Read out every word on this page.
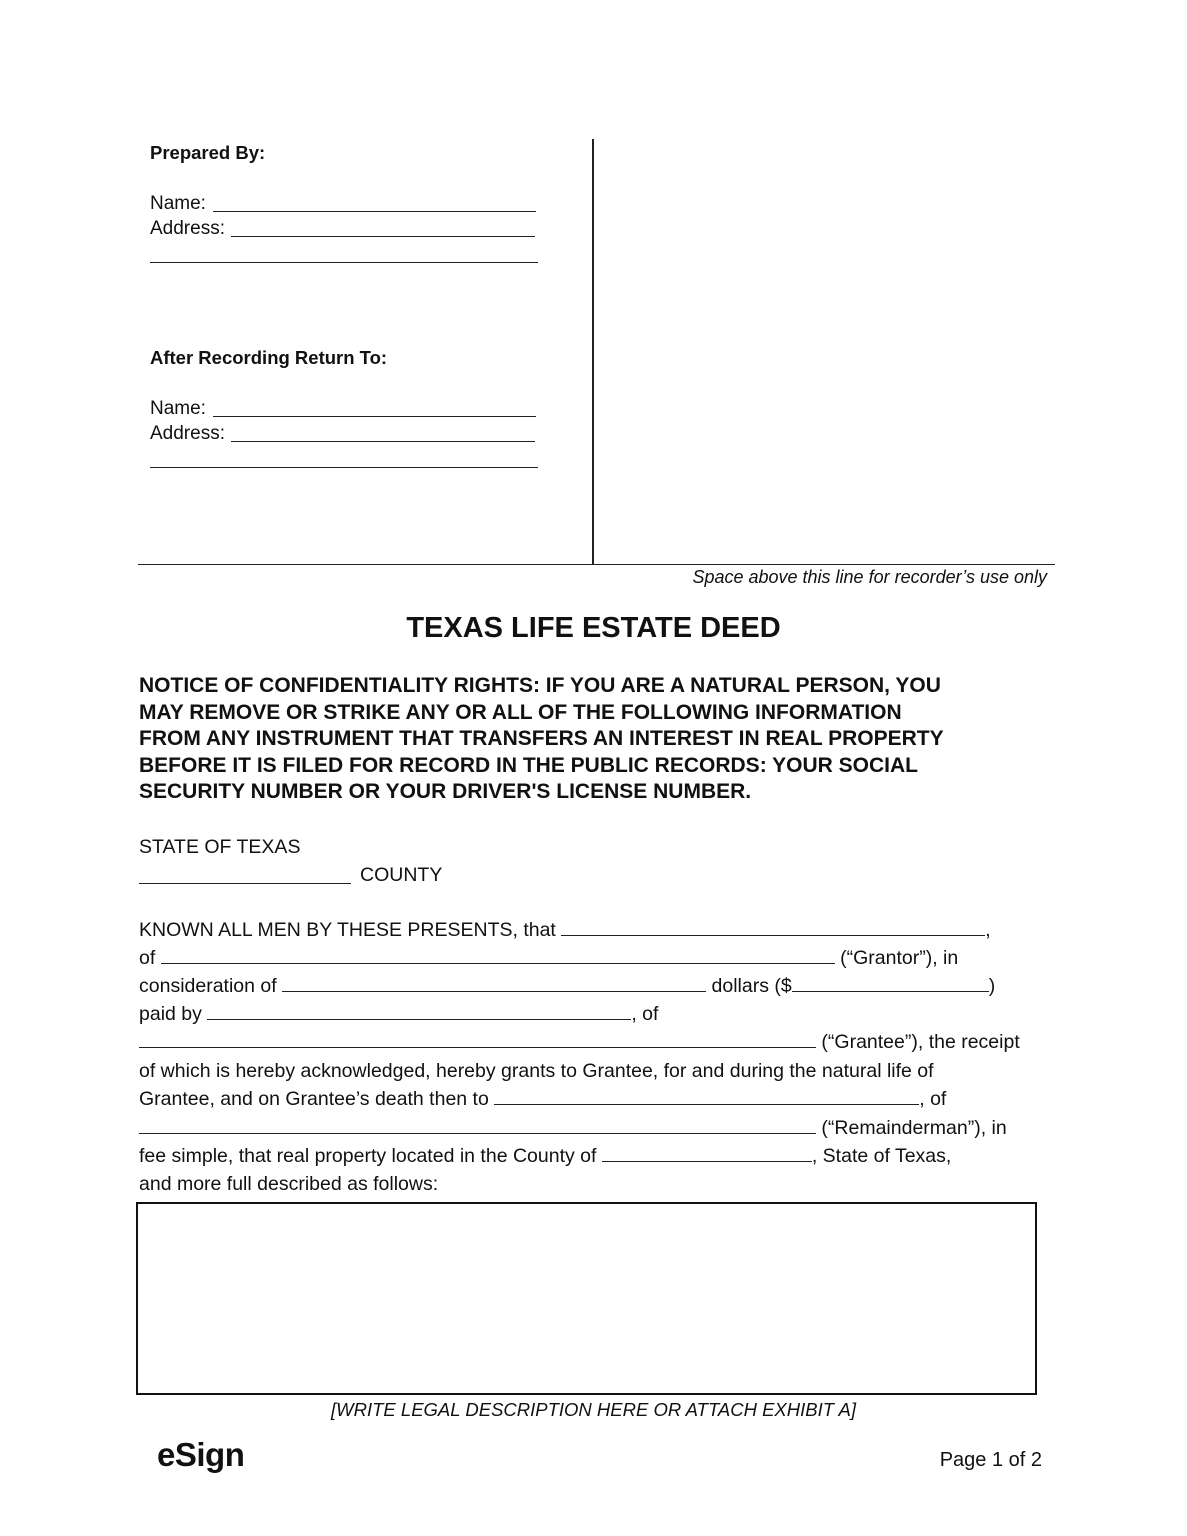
Prepared By:
Name:
Address:
After Recording Return To:
Name:
Address:
Space above this line for recorder’s use only
TEXAS LIFE ESTATE DEED

NOTICE OF CONFIDENTIALITY RIGHTS: IF YOU ARE A NATURAL PERSON, YOU

MAY REMOVE OR STRIKE ANY OR ALL OF THE FOLLOWING INFORMATION

FROM ANY INSTRUMENT THAT TRANSFERS AN INTEREST IN REAL PROPERTY

BEFORE IT IS FILED FOR RECORD IN THE PUBLIC RECORDS: YOUR SOCIAL

SECURITY NUMBER OR YOUR DRIVER'S LICENSE NUMBER.

STATE OF TEXAS
COUNTY
KNOWN ALL MEN BY THESE PRESENTS, that	,
of	(“Grantor”), in
consideration of	dollars ($	)
paid by	, of
(“Grantee”), the receipt
of which is hereby acknowledged, hereby grants to Grantee, for and during the natural life of
Grantee, and on Grantee’s death then to	, of
(“Remainderman”), in
fee simple, that real property located in the County of	, State of Texas,
and more full described as follows:
[WRITE LEGAL DESCRIPTION HERE OR ATTACH EXHIBIT A]
eSign	Page 1 of 2
